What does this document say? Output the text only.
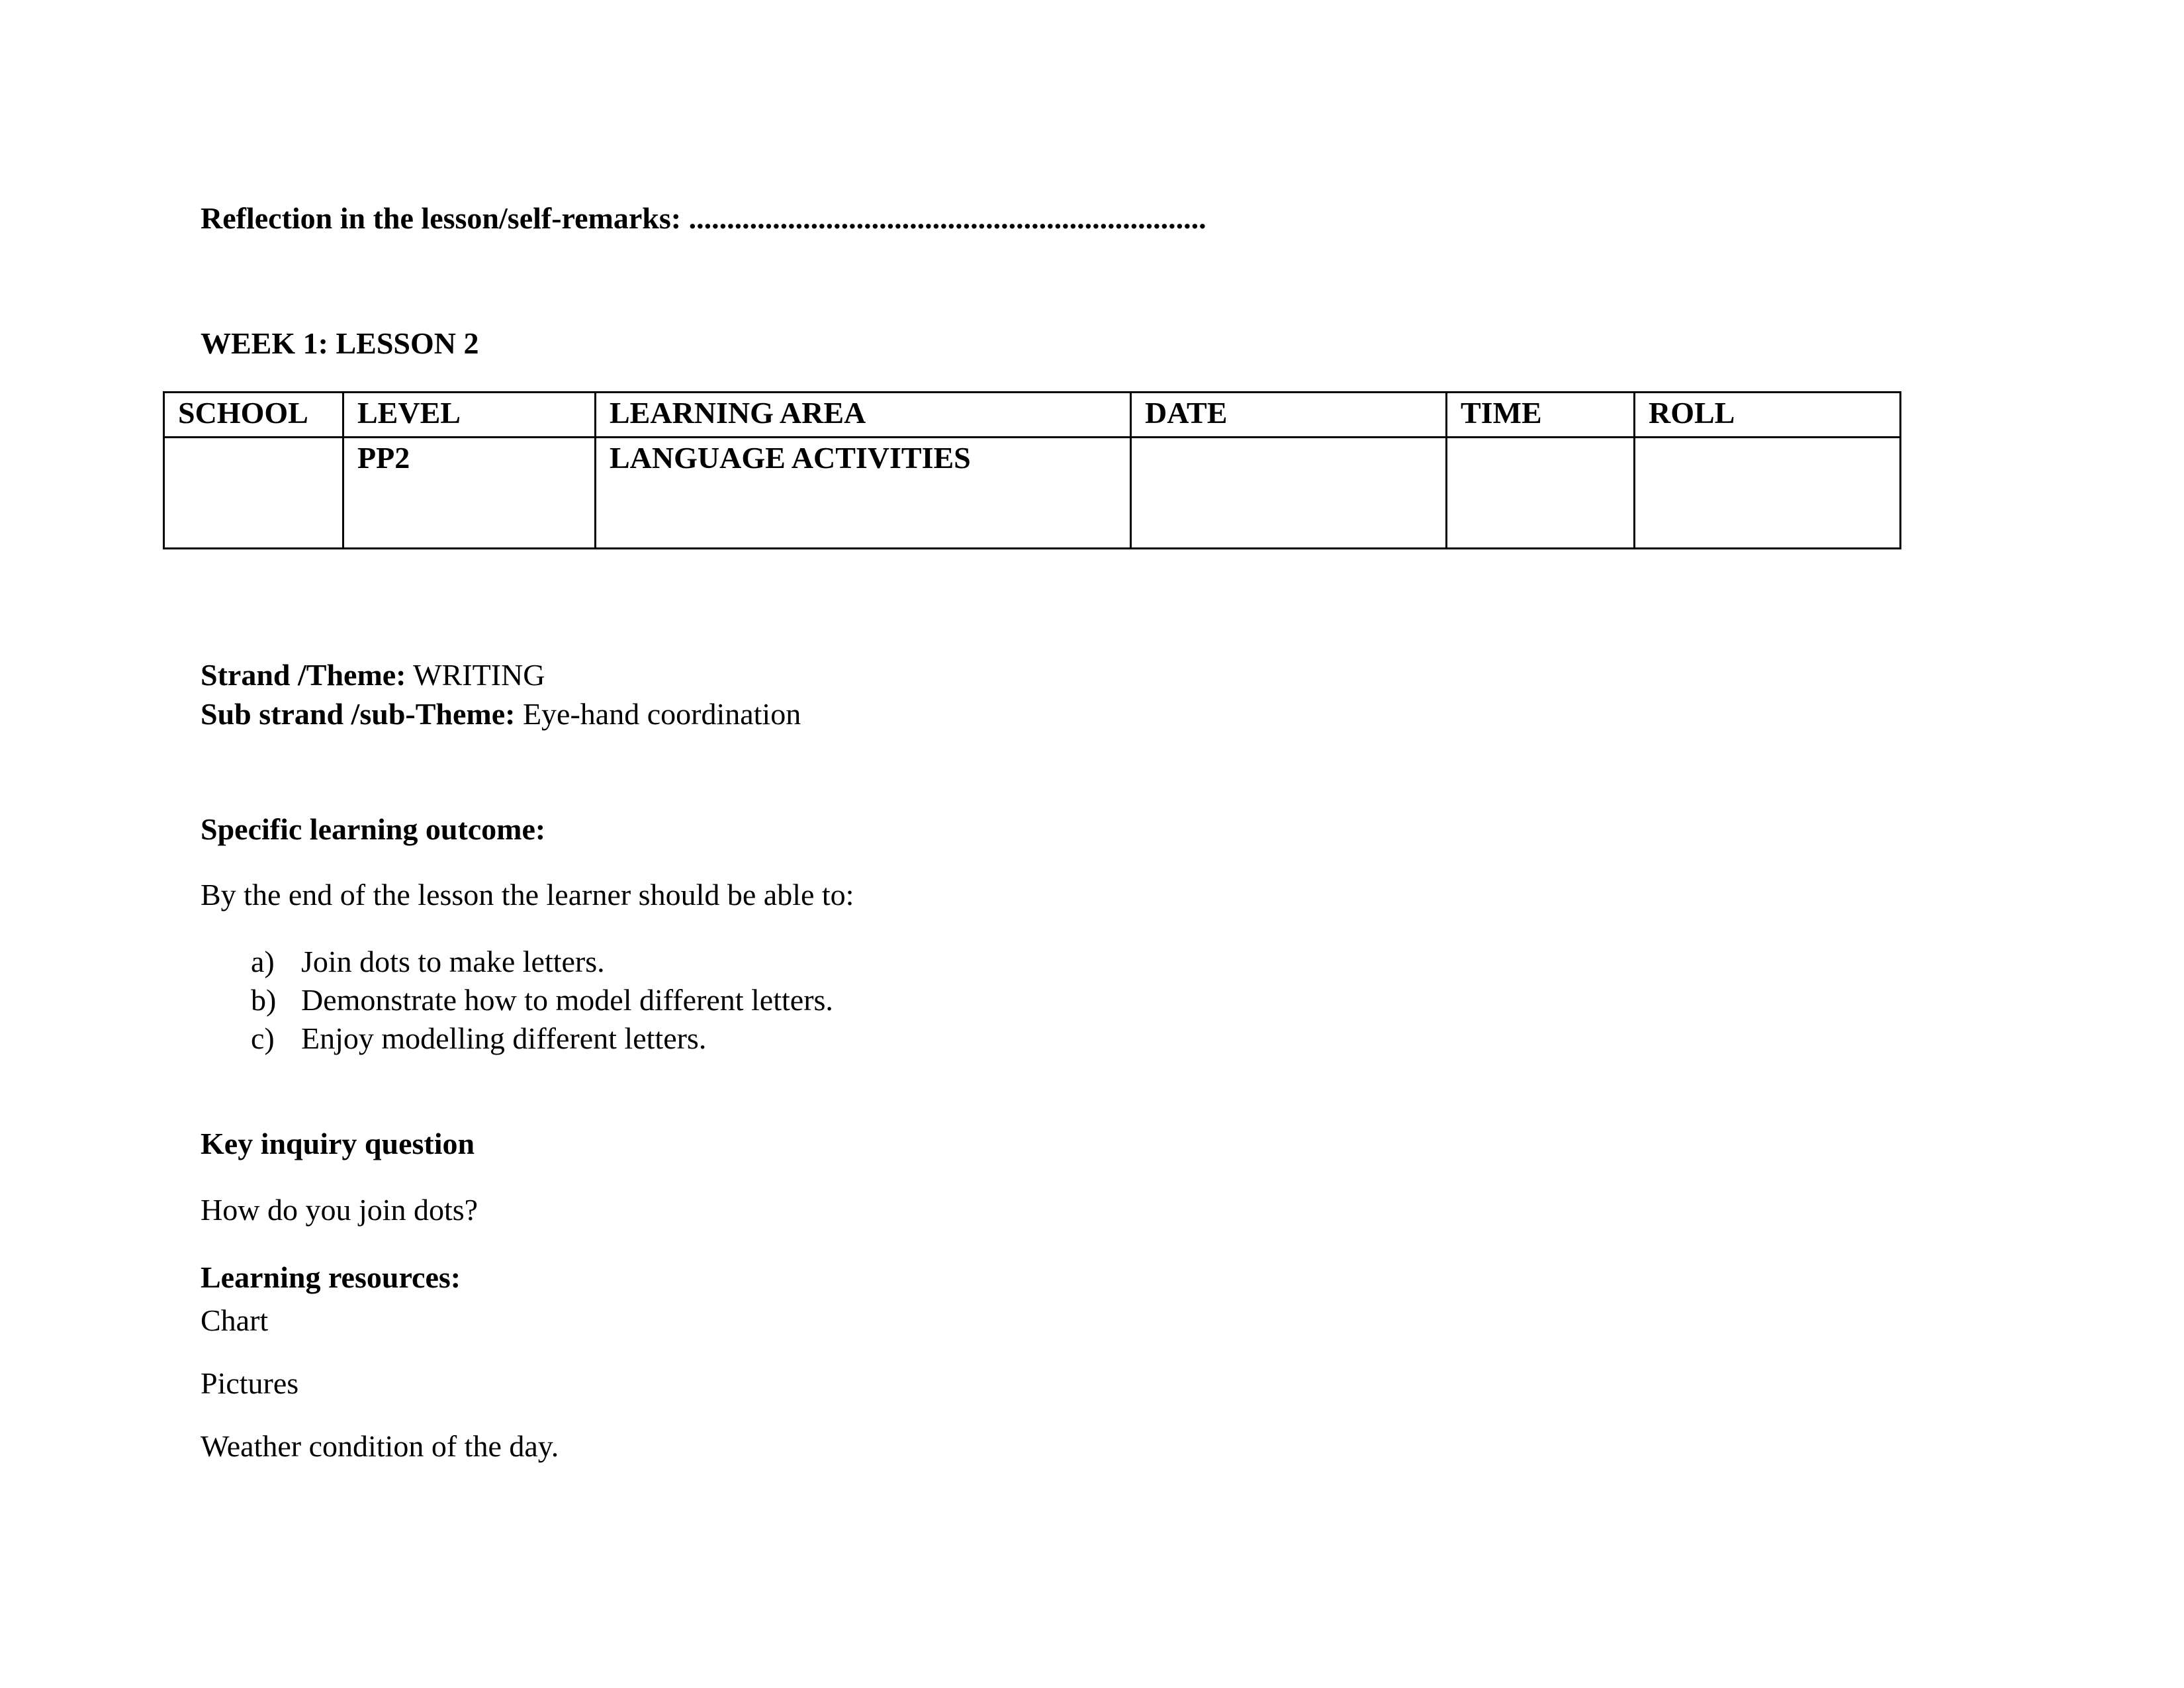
Reflection in the lesson/self-remarks: ....................................................................
WEEK 1: LESSON 2
SCHOOL	LEVEL	LEARNING AREA	DATE	TIME	ROLL
	PP2	LANGUAGE ACTIVITIES			
Strand /Theme: WRITING
Sub strand /sub-Theme: Eye-hand coordination
Specific learning outcome:
By the end of the lesson the learner should be able to:
a) Join dots to make letters.
b) Demonstrate how to model different letters.
c) Enjoy modelling different letters.
Key inquiry question
How do you join dots?
Learning resources:
Chart
Pictures
Weather condition of the day.
